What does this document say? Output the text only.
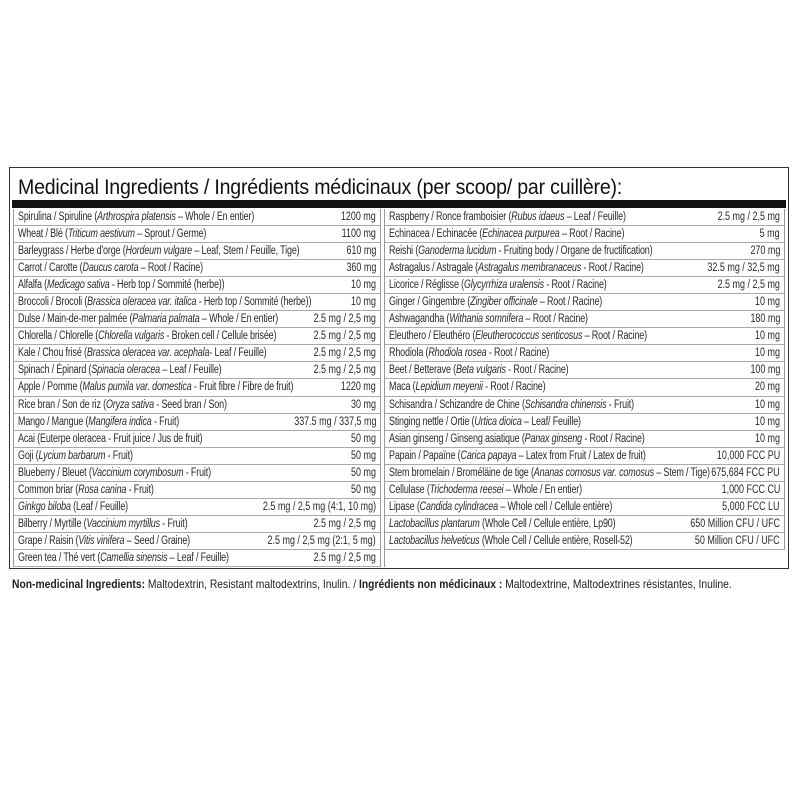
Medicinal Ingredients / Ingrédients médicinaux (per scoop/ par cuillère):
Spirulina / Spiruline (Arthrospira platensis – Whole / En entier)	1200 mg
Wheat / Blé (Triticum aestivum – Sprout / Germe)	1100 mg
Barleygrass / Herbe d'orge (Hordeum vulgare – Leaf, Stem / Feuille, Tige)	610 mg
Carrot / Carotte (Daucus carota – Root / Racine)	360 mg
Alfalfa (Medicago sativa - Herb top / Sommité (herbe))	10 mg
Broccoli / Brocoli (Brassica oleracea var. italica - Herb top / Sommité (herbe))	10 mg
Dulse / Main-de-mer palmée (Palmaria palmata – Whole / En entier)	2.5 mg / 2,5 mg
Chlorella / Chlorelle (Chlorella vulgaris - Broken cell / Cellule brisée)	2.5 mg / 2,5 mg
Kale / Chou frisé (Brassica oleracea var. acephala- Leaf / Feuille)	2.5 mg / 2,5 mg
Spinach / Épinard (Spinacia oleracea – Leaf / Feuille)	2.5 mg / 2,5 mg
Apple / Pomme (Malus pumila var. domestica - Fruit fibre / Fibre de fruit)	1220 mg
Rice bran / Son de riz (Oryza sativa - Seed bran / Son)	30 mg
Mango / Mangue (Mangifera indica - Fruit)	337.5 mg / 337,5 mg
Acai (Euterpe oleracea - Fruit juice / Jus de fruit)	50 mg
Goji (Lycium barbarum - Fruit)	50 mg
Blueberry / Bleuet (Vaccinium corymbosum - Fruit)	50 mg
Common briar (Rosa canina - Fruit)	50 mg
Ginkgo biloba (Leaf / Feuille)	2.5 mg / 2,5 mg (4:1, 10 mg)
Bilberry / Myrtille (Vaccinium myrtillus - Fruit)	2.5 mg / 2,5 mg
Grape / Raisin (Vitis vinifera – Seed / Graine)	2.5 mg / 2,5 mg (2:1, 5 mg)
Green tea / Thé vert (Camellia sinensis – Leaf / Feuille)	2.5 mg / 2,5 mg
Raspberry / Ronce framboisier (Rubus idaeus – Leaf / Feuille)	2.5 mg / 2,5 mg
Echinacea / Echinacée (Echinacea purpurea – Root / Racine)	5 mg
Reishi (Ganoderma lucidum - Fruiting body / Organe de fructification)	270 mg
Astragalus / Astragale (Astragalus membranaceus - Root / Racine)	32.5 mg / 32,5 mg
Licorice / Réglisse (Glycyrrhiza uralensis - Root / Racine)	2.5 mg / 2,5 mg
Ginger / Gingembre (Zingiber officinale – Root / Racine)	10 mg
Ashwagandha (Withania somnifera – Root / Racine)	180 mg
Eleuthero / Eleuthéro (Eleutherococcus senticosus – Root / Racine)	10 mg
Rhodiola (Rhodiola rosea - Root / Racine)	10 mg
Beet / Betterave (Beta vulgaris - Root / Racine)	100 mg
Maca (Lepidium meyenii - Root / Racine)	20 mg
Schisandra / Schizandre de Chine (Schisandra chinensis - Fruit)	10 mg
Stinging nettle / Ortie (Urtica dioica – Leaf/ Feuille)	10 mg
Asian ginseng / Ginseng asiatique (Panax ginseng - Root / Racine)	10 mg
Papain / Papaïne (Carica papaya – Latex from Fruit / Latex de fruit)	10,000 FCC PU
Stem bromelain / Broméläine de tige (Ananas comosus var. comosus – Stem / Tige) 675,684 FCC PU
Cellulase (Trichoderma reesei – Whole / En entier)	1,000 FCC CU
Lipase (Candida cylindracea – Whole cell / Cellule entière)	5,000 FCC LU
Lactobacillus plantarum (Whole Cell / Cellule entière, Lp90)	650 Million CFU / UFC
Lactobacillus helveticus (Whole Cell / Cellule entière, Rosell-52)	50 Million CFU / UFC
Non-medicinal Ingredients: Maltodextrin, Resistant maltodextrins, Inulin. / Ingrédients non médicinaux : Maltodextrine, Maltodextrines résistantes, Inuline.
